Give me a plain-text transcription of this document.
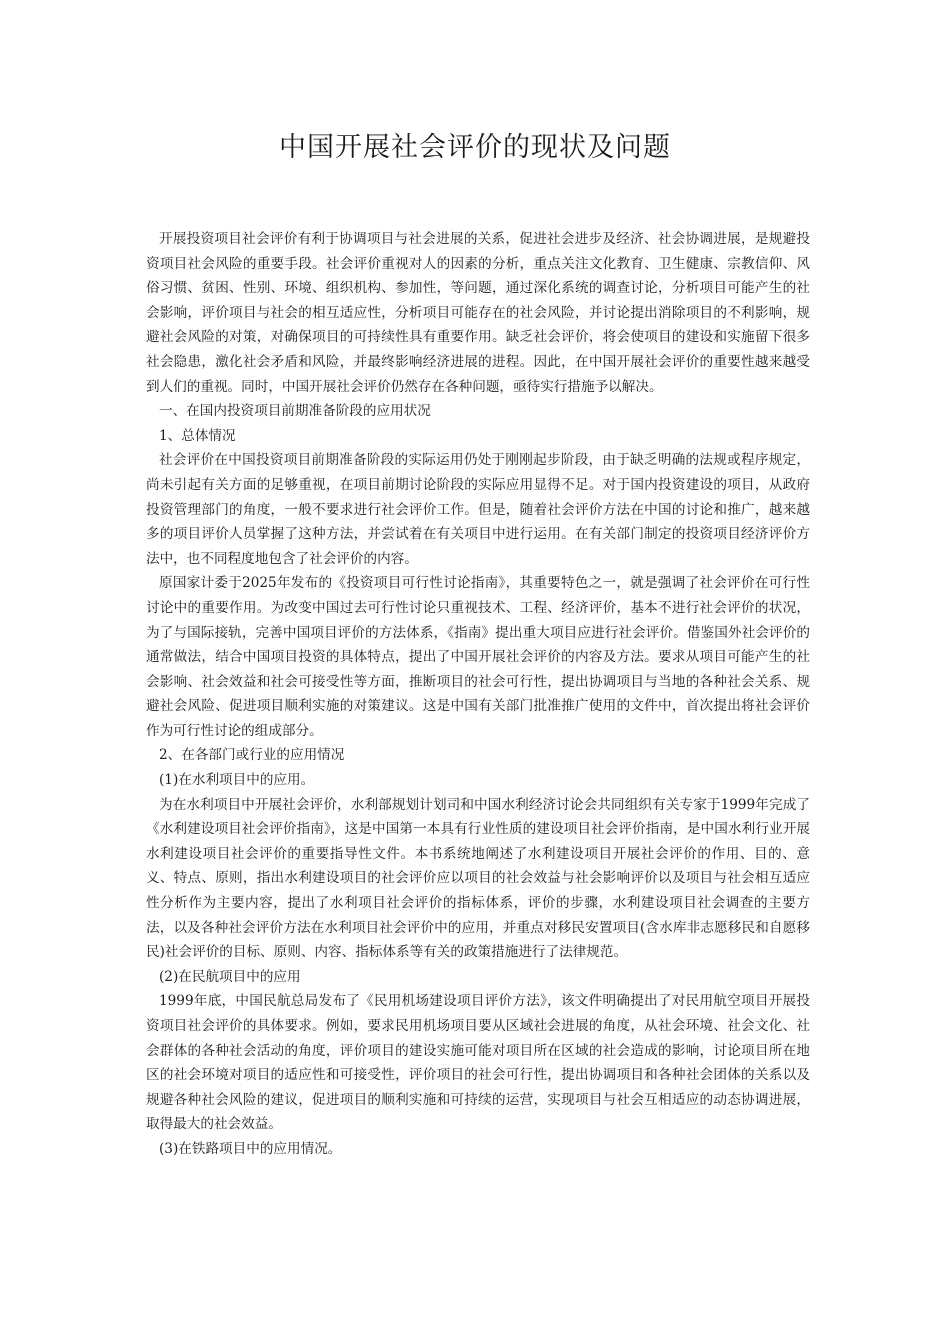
中国开展社会评价的现状及问题

开展投资项目社会评价有利于协调项目与社会进展的关系，促进社会进步及经济、社会协调进展，是规避投资项目社会风险的重要手段。社会评价重视对人的因素的分析，重点关注文化教育、卫生健康、宗教信仰、风俗习惯、贫困、性别、环境、组织机构、参加性，等问题，通过深化系统的调查讨论，分析项目可能产生的社会影响，评价项目与社会的相互适应性，分析项目可能存在的社会风险，并讨论提出消除项目的不利影响，规避社会风险的对策，对确保项目的可持续性具有重要作用。缺乏社会评价，将会使项目的建设和实施留下很多社会隐患，激化社会矛盾和风险，并最终影响经济进展的进程。因此，在中国开展社会评价的重要性越来越受到人们的重视。同时，中国开展社会评价仍然存在各种问题，亟待实行措施予以解决。

一、在国内投资项目前期准备阶段的应用状况

1、总体情况

社会评价在中国投资项目前期准备阶段的实际运用仍处于刚刚起步阶段，由于缺乏明确的法规或程序规定，尚未引起有关方面的足够重视，在项目前期讨论阶段的实际应用显得不足。对于国内投资建设的项目，从政府投资管理部门的角度，一般不要求进行社会评价工作。但是，随着社会评价方法在中国的讨论和推广，越来越多的项目评价人员掌握了这种方法，并尝试着在有关项目中进行运用。在有关部门制定的投资项目经济评价方法中，也不同程度地包含了社会评价的内容。

原国家计委于2025年发布的《投资项目可行性讨论指南》，其重要特色之一，就是强调了社会评价在可行性讨论中的重要作用。为改变中国过去可行性讨论只重视技术、工程、经济评价，基本不进行社会评价的状况，为了与国际接轨，完善中国项目评价的方法体系，《指南》提出重大项目应进行社会评价。借鉴国外社会评价的通常做法，结合中国项目投资的具体特点，提出了中国开展社会评价的内容及方法。要求从项目可能产生的社会影响、社会效益和社会可接受性等方面，推断项目的社会可行性，提出协调项目与当地的各种社会关系、规避社会风险、促进项目顺利实施的对策建议。这是中国有关部门批准推广使用的文件中，首次提出将社会评价作为可行性讨论的组成部分。

2、在各部门或行业的应用情况

(1)在水利项目中的应用。

为在水利项目中开展社会评价，水利部规划计划司和中国水利经济讨论会共同组织有关专家于1999年完成了《水利建设项目社会评价指南》，这是中国第一本具有行业性质的建设项目社会评价指南，是中国水利行业开展水利建设项目社会评价的重要指导性文件。本书系统地阐述了水利建设项目开展社会评价的作用、目的、意义、特点、原则，指出水利建设项目的社会评价应以项目的社会效益与社会影响评价以及项目与社会相互适应性分析作为主要内容，提出了水利项目社会评价的指标体系，评价的步骤，水利建设项目社会调查的主要方法，以及各种社会评价方法在水利项目社会评价中的应用，并重点对移民安置项目(含水库非志愿移民和自愿移民)社会评价的目标、原则、内容、指标体系等有关的政策措施进行了法律规范。

(2)在民航项目中的应用

1999年底，中国民航总局发布了《民用机场建设项目评价方法》，该文件明确提出了对民用航空项目开展投资项目社会评价的具体要求。例如，要求民用机场项目要从区域社会进展的角度，从社会环境、社会文化、社会群体的各种社会活动的角度，评价项目的建设实施可能对项目所在区域的社会造成的影响，讨论项目所在地区的社会环境对项目的适应性和可接受性，评价项目的社会可行性，提出协调项目和各种社会团体的关系以及规避各种社会风险的建议，促进项目的顺利实施和可持续的运营，实现项目与社会互相适应的动态协调进展，取得最大的社会效益。

(3)在铁路项目中的应用情况。
